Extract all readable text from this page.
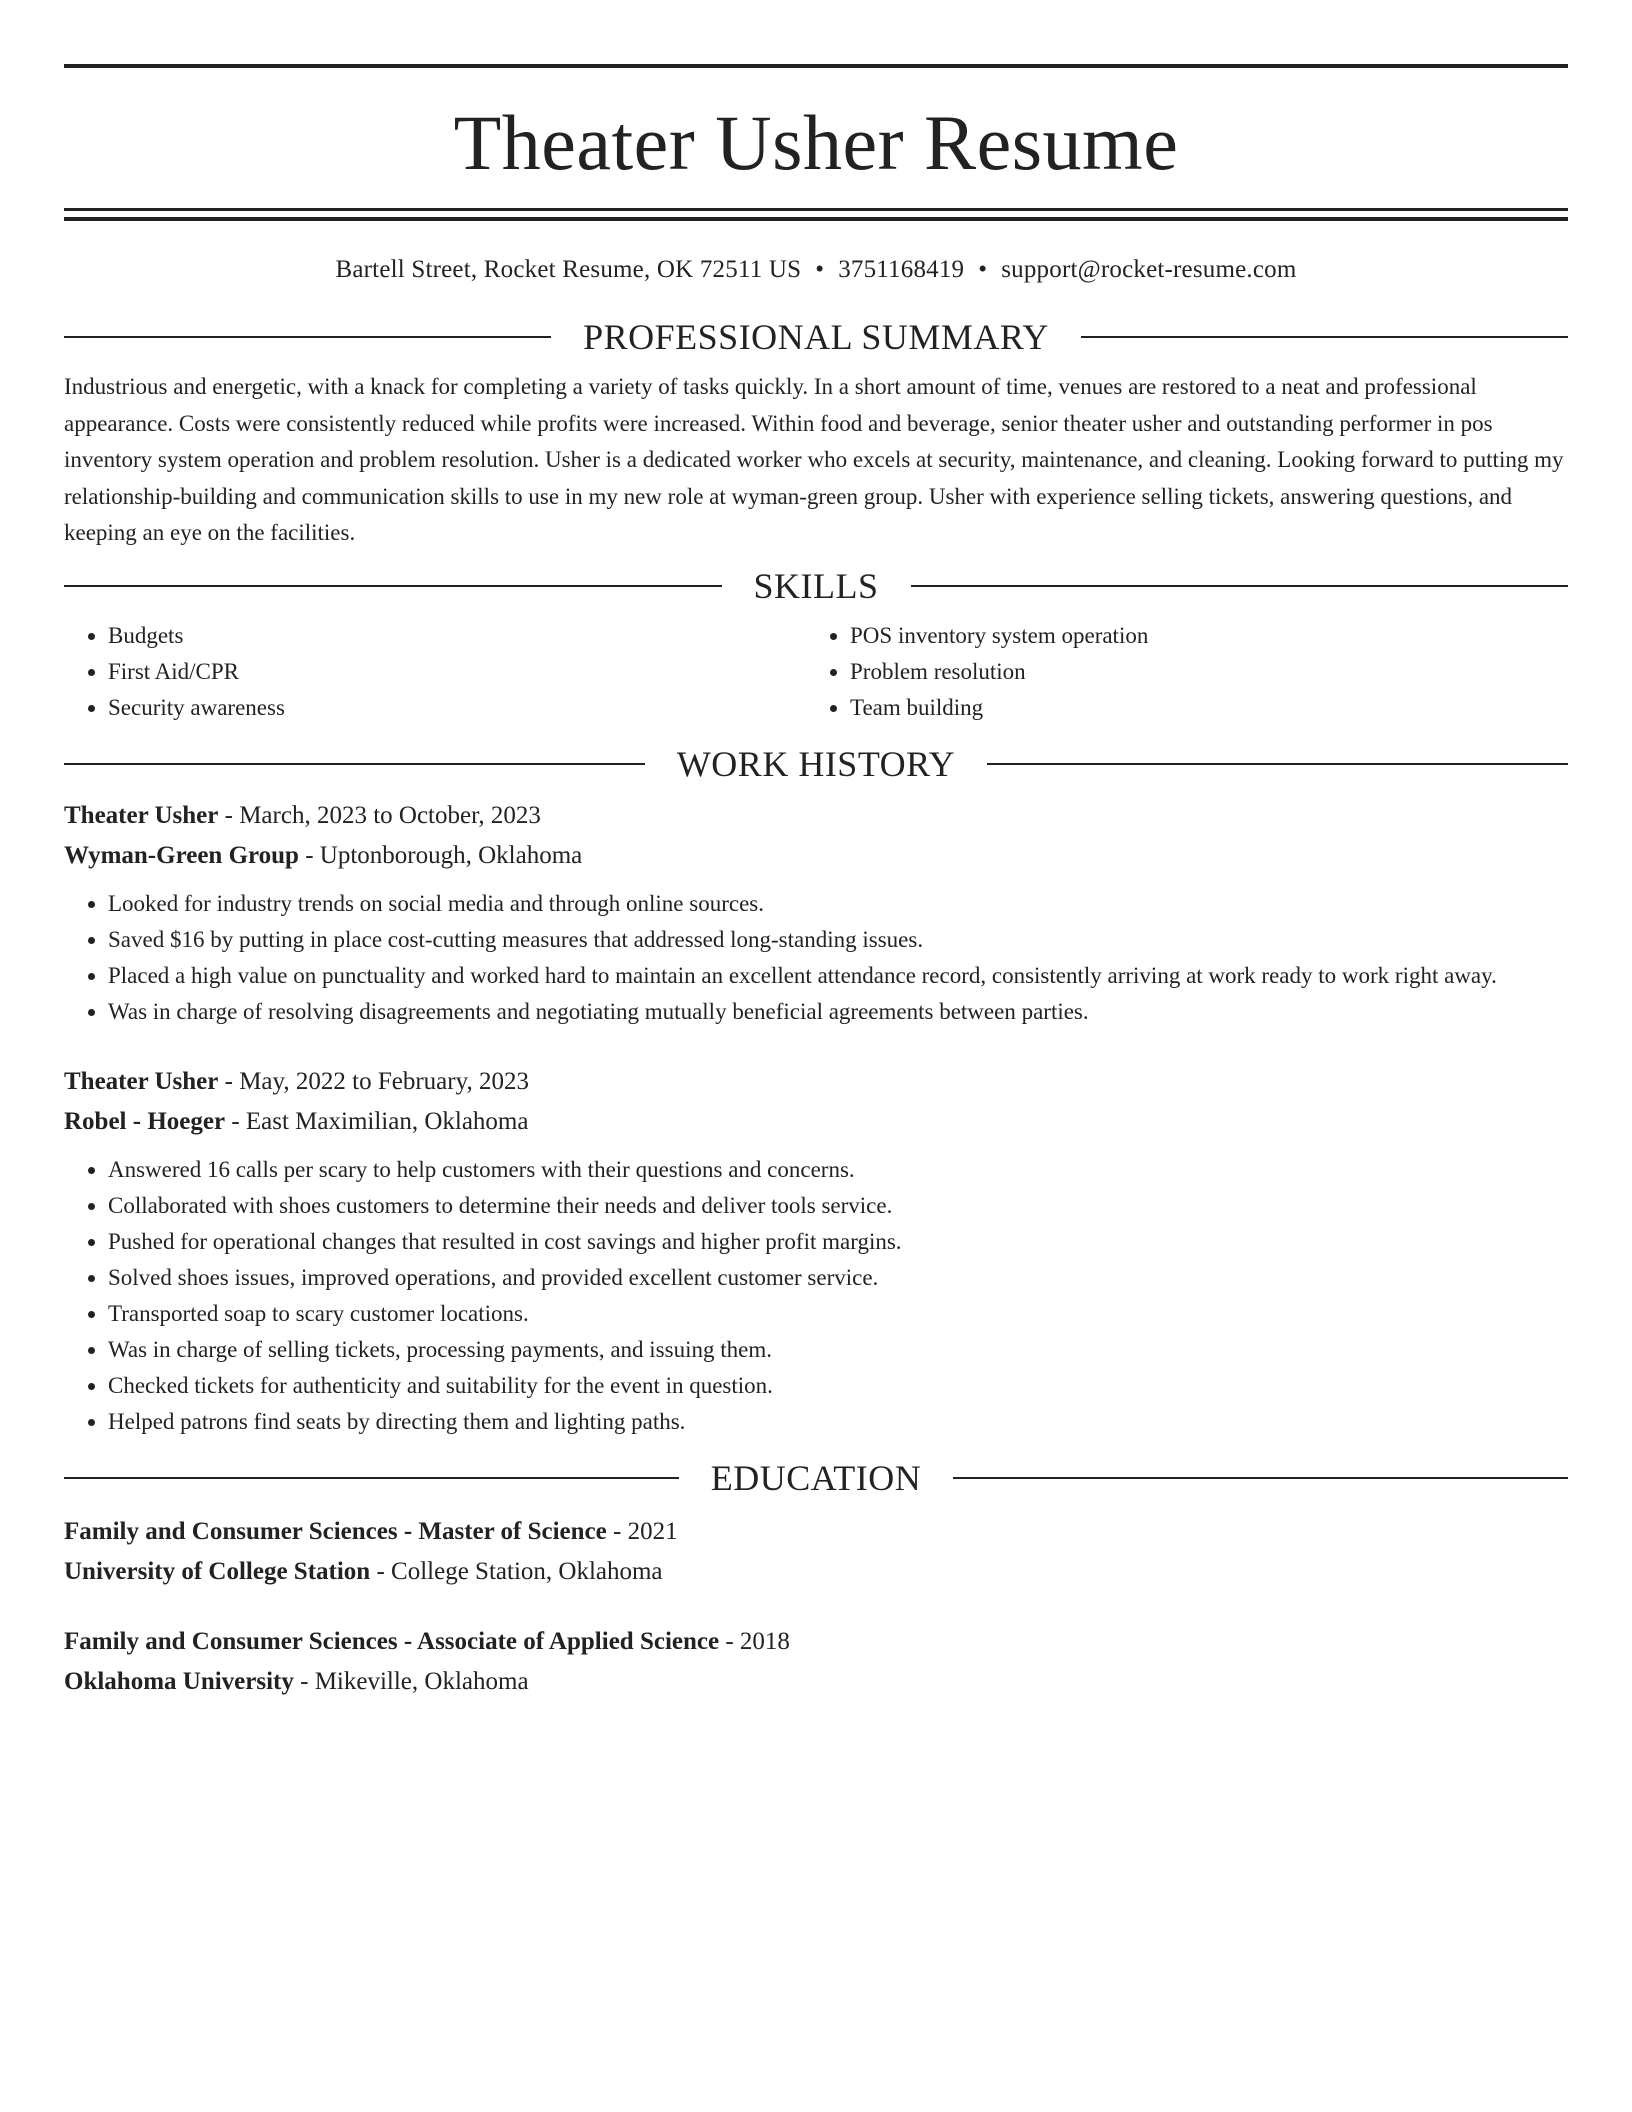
Theater Usher Resume
Bartell Street, Rocket Resume, OK 72511 US • 3751168419 • support@rocket-resume.com
PROFESSIONAL SUMMARY

Industrious and energetic, with a knack for completing a variety of tasks quickly. In a short amount of time, venues are restored to a neat and professional appearance. Costs were consistently reduced while profits were increased. Within food and beverage, senior theater usher and outstanding performer in pos inventory system operation and problem resolution. Usher is a dedicated worker who excels at security, maintenance, and cleaning. Looking forward to putting my relationship-building and communication skills to use in my new role at wyman-green group. Usher with experience selling tickets, answering questions, and keeping an eye on the facilities.

SKILLS
• Budgets
• First Aid/CPR
• Security awareness
• POS inventory system operation
• Problem resolution
• Team building
WORK HISTORY

Theater Usher - March, 2023 to October, 2023

Wyman-Green Group - Uptonborough, Oklahoma

• Looked for industry trends on social media and through online sources.
• Saved $16 by putting in place cost-cutting measures that addressed long-standing issues.
• Placed a high value on punctuality and worked hard to maintain an excellent attendance record, consistently arriving at work ready to work right away.
• Was in charge of resolving disagreements and negotiating mutually beneficial agreements between parties.

Theater Usher - May, 2022 to February, 2023

Robel - Hoeger - East Maximilian, Oklahoma

• Answered 16 calls per scary to help customers with their questions and concerns.
• Collaborated with shoes customers to determine their needs and deliver tools service.
• Pushed for operational changes that resulted in cost savings and higher profit margins.
• Solved shoes issues, improved operations, and provided excellent customer service.
• Transported soap to scary customer locations.
• Was in charge of selling tickets, processing payments, and issuing them.
• Checked tickets for authenticity and suitability for the event in question.
• Helped patrons find seats by directing them and lighting paths.
EDUCATION

Family and Consumer Sciences - Master of Science - 2021

University of College Station - College Station, Oklahoma

Family and Consumer Sciences - Associate of Applied Science - 2018

Oklahoma University - Mikeville, Oklahoma
